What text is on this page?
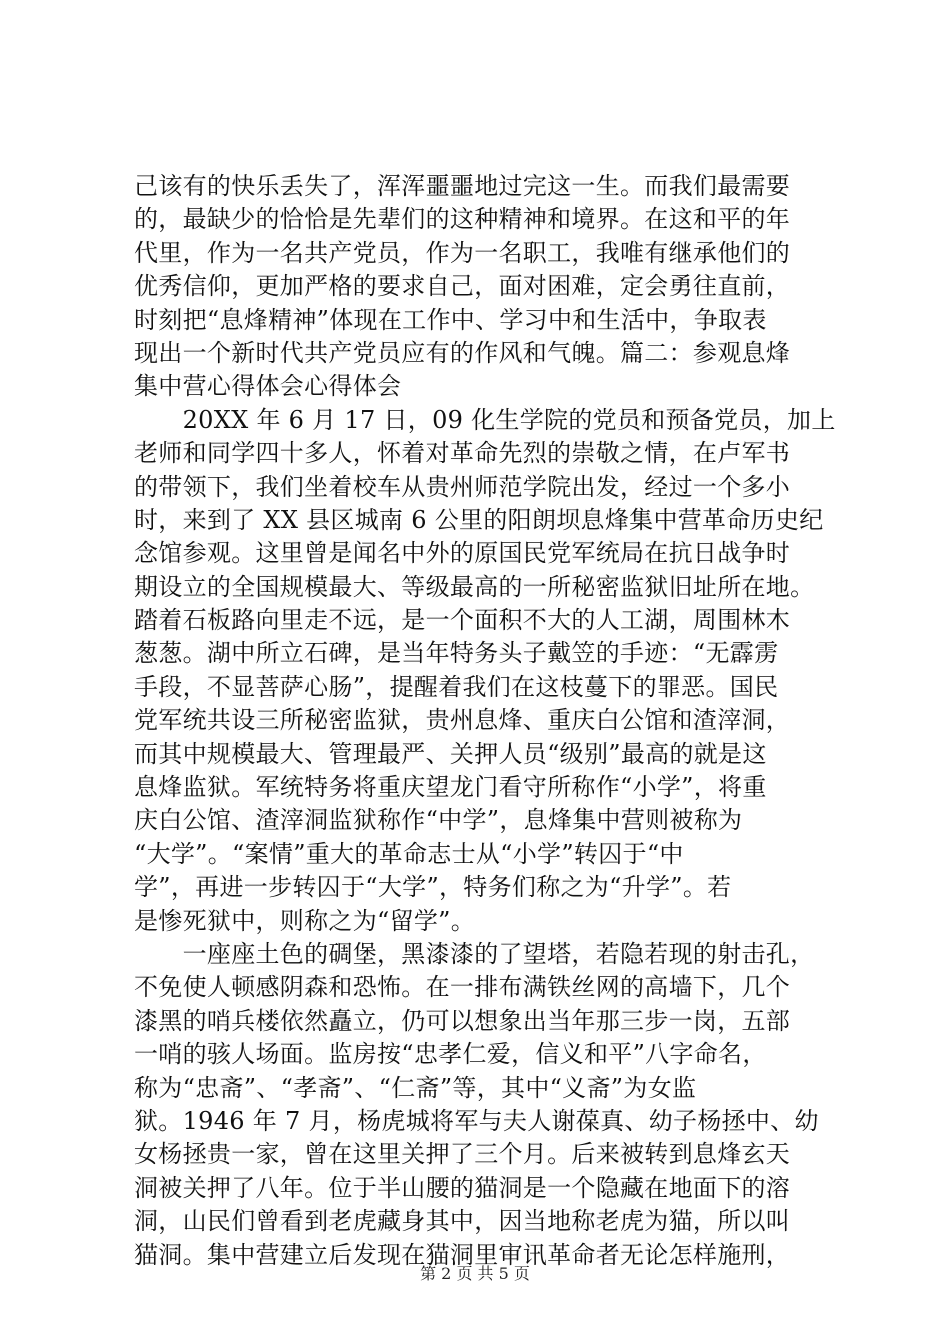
己该有的快乐丢失了，浑浑噩噩地过完这一生。而我们最需要
的，最缺少的恰恰是先辈们的这种精神和境界。在这和平的年
代里，作为一名共产党员，作为一名职工，我唯有继承他们的
优秀信仰，更加严格的要求自己，面对困难，定会勇往直前，
时刻把“息烽精神”体现在工作中、学习中和生活中，争取表
现出一个新时代共产党员应有的作风和气魄。篇二：参观息烽
集中营心得体会心得体会
　　20XX 年 6 月 17 日，09 化生学院的党员和预备党员，加上
老师和同学四十多人，怀着对革命先烈的崇敬之情，在卢军书
的带领下，我们坐着校车从贵州师范学院出发，经过一个多小
时，来到了 XX 县区城南 6 公里的阳朗坝息烽集中营革命历史纪
念馆参观。这里曾是闻名中外的原国民党军统局在抗日战争时
期设立的全国规模最大、等级最高的一所秘密监狱旧址所在地。
踏着石板路向里走不远，是一个面积不大的人工湖，周围林木
葱葱。湖中所立石碑，是当年特务头子戴笠的手迹：“无霹雳
手段，不显菩萨心肠”，提醒着我们在这枝蔓下的罪恶。国民
党军统共设三所秘密监狱，贵州息烽、重庆白公馆和渣滓洞，
而其中规模最大、管理最严、关押人员“级别”最高的就是这
息烽监狱。军统特务将重庆望龙门看守所称作“小学”，将重
庆白公馆、渣滓洞监狱称作“中学”，息烽集中营则被称为
“大学”。“案情”重大的革命志士从“小学”转囚于“中
学”，再进一步转囚于“大学”，特务们称之为“升学”。若
是惨死狱中，则称之为“留学”。
　　一座座土色的碉堡，黑漆漆的了望塔，若隐若现的射击孔，
不免使人顿感阴森和恐怖。在一排布满铁丝网的高墙下，几个
漆黑的哨兵楼依然矗立，仍可以想象出当年那三步一岗，五部
一哨的骇人场面。监房按“忠孝仁爱，信义和平”八字命名，
称为“忠斋”、“孝斋”、“仁斋”等，其中“义斋”为女监
狱。1946 年 7 月，杨虎城将军与夫人谢葆真、幼子杨拯中、幼
女杨拯贵一家，曾在这里关押了三个月。后来被转到息烽玄天
洞被关押了八年。位于半山腰的猫洞是一个隐藏在地面下的溶
洞，山民们曾看到老虎藏身其中，因当地称老虎为猫，所以叫
猫洞。集中营建立后发现在猫洞里审讯革命者无论怎样施刑，
第 2 页 共 5 页
